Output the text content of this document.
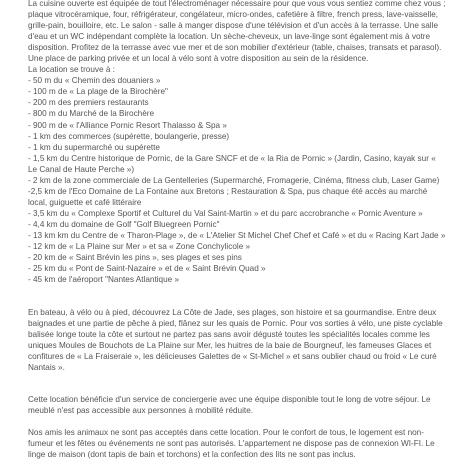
La cuisine ouverte est équipée de tout l'électroménager nécessaire pour que vous vous sentiez comme chez vous ; plaque vitrocéramique, four, réfrigérateur, congélateur, micro-ondes, cafetière à filtre, french press, lave-vaisselle, grille-pain, bouilloire, etc. Le salon - salle à manger dispose d'une télévision et d'un accès à la terrasse. Une salle d'eau et un WC indépendant complète la location. Un sèche-cheveux, un lave-linge sont également mis à votre disposition. Profitez de la terrasse avec vue mer et de son mobilier d'extérieur (table, chaises, transats et parasol). Une place de parking privée et un local à vélo sont à votre disposition au sein de la résidence.

La location se trouve à :

- 50 m du « Chemin des douaniers »
- 100 m de « La plage de la Birochère"
- 200 m des premiers restaurants
- 800 m du Marché de la Birochère
- 900 m de « l'Alliance Pornic Resort Thalasso & Spa »
- 1 km des commerces (supérette, boulangerie, presse)
- 1 km du supermarché ou supérette
- 1,5 km du Centre historique de Pornic, de la Gare SNCF et de « la Ria de Pornic » (Jardin, Casino, kayak sur « Le Canal de Haute Perche »)
- 2 km de la zone commerciale de La Gentelleries (Supermarché, Fromagerie, Cinéma, fitness club, Laser Game)
-2,5 km de l'Eco Domaine de La Fontaine aux Bretons ; Restauration & Spa, pus chaque été accès au marché local, guiguette et café littéraire
- 3,5 km du « Complexe Sportif et Culturel du Val Saint-Martin » et du parc accrobranche « Pornic Aventure »
- 4,4 km du domaine de Golf "Golf Bluegreen Pornic"
- 13 km km du Centre de « Tharon-Plage », de « L'Atelier St Michel Chef Chef et Café » et du « Racing Kart Jade »
- 12 km de « La Plaine sur Mer » et sa « Zone Conchylicole »
- 20 km de « Saint Brévin les pins », ses plages et ses pins
- 25 km du « Pont de Saint-Nazaire » et de « Saint Brévin Quad »
- 45 km de l'aéroport "Nantes Atlantique »

En bateau, à vélo ou à pied, découvrez La Côte de Jade, ses plages, son histoire et sa gourmandise. Entre deux baignades et une partie de pêche à pied, flânez sur les quais de Pornic. Pour vos sorties à vélo, une piste cyclable balisée longe toute la côte et surtout ne partez pas sans avoir dégusté toutes les spécialités locales comme les uniques Moules de Bouchots de La Plaine sur Mer, les huitres de la baie de Bourgneuf, les fameuses Glaces et confitures de « La Fraiseraie », les délicieuses Galettes de « St-Michel » et sans oublier chaud ou froid « Le curé Nantais ».

Cette location bénéficie d'un service de conciergerie avec une équipe disponible tout le long de votre séjour. Le meublé n'est pas accessible aux personnes à mobilité réduite.

Nos amis les animaux ne sont pas acceptés dans cette location. Pour le confort de tous, le logement est non-fumeur et les fêtes ou événements ne sont pas autorisés. L'appartement ne dispose pas de connexion WI-FI. Le linge de maison (dont tapis de bain et torchons) et la confection des lits ne sont pas inclus.
